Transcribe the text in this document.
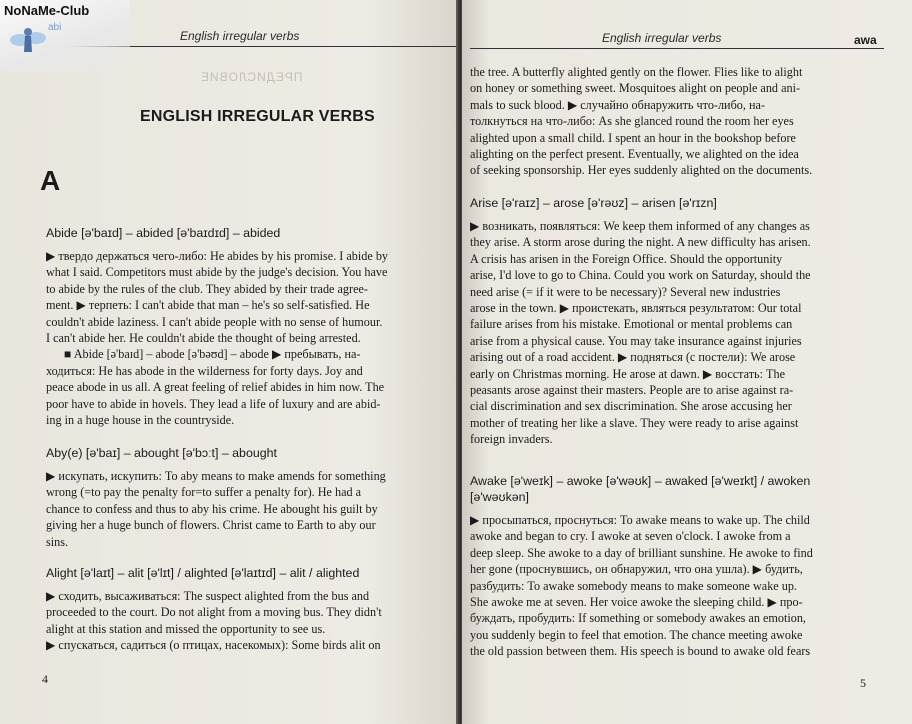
English irregular verbs
ПРЕДИСЛОВИЕ
ENGLISH IRREGULAR VERBS
A
Abide [ə'baɪd] – abided [ə'baɪdɪd] – abided
▶ твердо держаться чего-либо: He abides by his promise. I abide by
what I said. Competitors must abide by the judge's decision. You have
to abide by the rules of the club. They abided by their trade agree-
ment. ▶ терпеть: I can't abide that man – he's so self-satisfied. He
couldn't abide laziness. I can't abide people with no sense of humour.
I can't abide her. He couldn't abide the thought of being arrested.
■ Abide [ə'baɪd] – abode [ə'bəʊd] – abode ▶ пребывать, на-
ходиться: He has abode in the wilderness for forty days. Joy and
peace abode in us all. A great feeling of relief abides in him now. The
poor have to abide in hovels. They lead a life of luxury and are abid-
ing in a huge house in the countryside.
Aby(e) [ə'baɪ] – abought [ə'bɔːt] – abought
▶ искупать, искупить: To aby means to make amends for something
wrong (=to pay the penalty for=to suffer a penalty for). He had a
chance to confess and thus to aby his crime. He abought his guilt by
giving her a huge bunch of flowers. Christ came to Earth to aby our
sins.
Alight [ə'laɪt] – alit [ə'lɪt] / alighted [ə'laɪtɪd] – alit / alighted
▶ сходить, высаживаться: The suspect alighted from the bus and
proceeded to the court. Do not alight from a moving bus. They didn't
alight at this station and missed the opportunity to see us.
▶ спускаться, садиться (о птицах, насекомых): Some birds alit on
4
English irregular verbs	awa
the tree. A butterfly alighted gently on the flower. Flies like to alight
on honey or something sweet. Mosquitoes alight on people and ani-
mals to suck blood. ▶ случайно обнаружить что-либо, на-
толкнуться на что-либо: As she glanced round the room her eyes
alighted upon a small child. I spent an hour in the bookshop before
alighting on the perfect present. Eventually, we alighted on the idea
of seeking sponsorship. Her eyes suddenly alighted on the documents.
Arise [ə'raɪz] – arose [ə'rəʊz] – arisen [ə'rɪzn]
▶ возникать, появляться: We keep them informed of any changes as
they arise. A storm arose during the night. A new difficulty has arisen.
A crisis has arisen in the Foreign Office. Should the opportunity
arise, I'd love to go to China. Could you work on Saturday, should the
need arise (= if it were to be necessary)? Several new industries
arose in the town. ▶ проистекать, являться результатом: Our total
failure arises from his mistake. Emotional or mental problems can
arise from a physical cause. You may take insurance against injuries
arising out of a road accident. ▶ подняться (с постели): We arose
early on Christmas morning. He arose at dawn. ▶ восстать: The
peasants arose against their masters. People are to arise against ra-
cial discrimination and sex discrimination. She arose accusing her
mother of treating her like a slave. They were ready to arise against
foreign invaders.
Awake [ə'weɪk] – awoke [ə'wəʊk] – awaked [ə'weɪkt] / awoken
[ə'wəʊkən]
▶ просыпаться, проснуться: To awake means to wake up. The child
awoke and began to cry. I awoke at seven o'clock. I awoke from a
deep sleep. She awoke to a day of brilliant sunshine. He awoke to find
her gone (проснувшись, он обнаружил, что она ушла). ▶ будить,
разбудить: To awake somebody means to make someone wake up.
She awoke me at seven. Her voice awoke the sleeping child. ▶ про-
буждать, пробудить: If something or somebody awakes an emotion,
you suddenly begin to feel that emotion. The chance meeting awoke
the old passion between them. His speech is bound to awake old fears
5
NoNaMe-Club
abi
